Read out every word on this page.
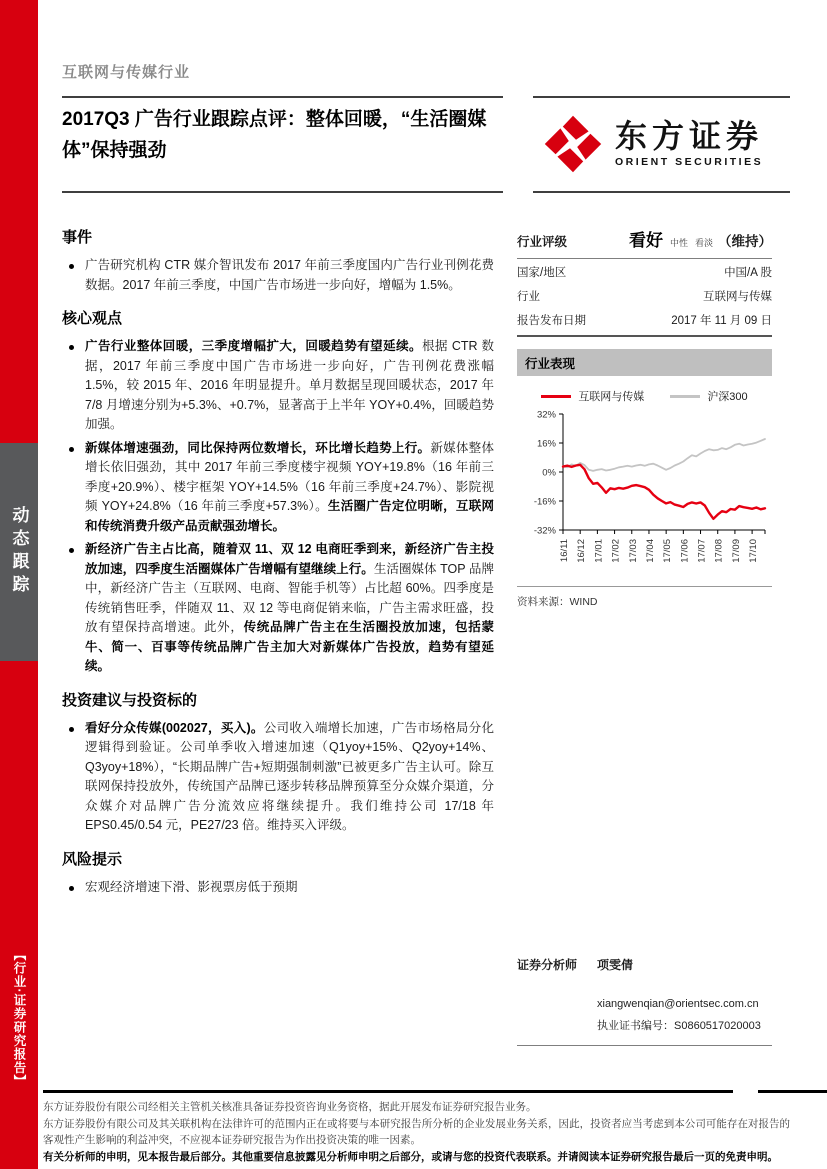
动态跟踪
【行业·证券研究报告】
互联网与传媒行业
2017Q3 广告行业跟踪点评：整体回暖，“生活圈媒体”保持强劲	东方证券
ORIENT SECURITIES
事件
广告研究机构 CTR 媒介智讯发布 2017 年前三季度国内广告行业刊例花费数据。2017 年前三季度，中国广告市场进一步向好，增幅为 1.5%。
核心观点
广告行业整体回暖，三季度增幅扩大，回暖趋势有望延续。根据 CTR 数据，2017 年前三季度中国广告市场进一步向好，广告刊例花费涨幅 1.5%，较 2015 年、2016 年明显提升。单月数据呈现回暖状态，2017 年 7/8 月增速分别为+5.3%、+0.7%，显著高于上半年 YOY+0.4%，回暖趋势加强。
新媒体增速强劲，同比保持两位数增长，环比增长趋势上行。新媒体整体增长依旧强劲，其中 2017 年前三季度楼宇视频 YOY+19.8%（16 年前三季度+20.9%）、楼宇框架 YOY+14.5%（16 年前三季度+24.7%）、影院视频 YOY+24.8%（16 年前三季度+57.3%）。生活圈广告定位明晰，互联网和传统消费升级产品贡献强劲增长。
新经济广告主占比高，随着双 11、双 12 电商旺季到来，新经济广告主投放加速，四季度生活圈媒体广告增幅有望继续上行。生活圈媒体 TOP 品牌中，新经济广告主（互联网、电商、智能手机等）占比超 60%。四季度是传统销售旺季，伴随双 11、双 12 等电商促销来临，广告主需求旺盛，投放有望保持高增速。此外，传统品牌广告主在生活圈投放加速，包括蒙牛、简一、百事等传统品牌广告主加大对新媒体广告投放，趋势有望延续。
投资建议与投资标的
看好分众传媒(002027，买入)。公司收入端增长加速，广告市场格局分化逻辑得到验证。公司单季收入增速加速（Q1yoy+15%、Q2yoy+14%、Q3yoy+18%），“长期品牌广告+短期强制刺激”已被更多广告主认可。除互联网保持投放外，传统国产品牌已逐步转移品牌预算至分众媒介渠道，分众媒介对品牌广告分流效应将继续提升。我们维持公司 17/18 年 EPS0.45/0.54 元，PE27/23 倍。维持买入评级。
风险提示
宏观经济增速下滑、影视票房低于预期
行业评级	看好 中性 看淡 （维持）
国家/地区	中国/A 股
行业	互联网与传媒
报告发布日期	2017 年 11 月 09 日
行业表现
互联网与传媒	沪深300
32%
16%
0%
-16%
-32%
16/11 16/12 17/01 17/02 17/03 17/04 17/05 17/06 17/07 17/08 17/09 17/10
资料来源：WIND
证券分析师	项雯倩
xiangwenqian@orientsec.com.cn
执业证书编号：S0860517020003

东方证券股份有限公司经相关主管机关核准具备证券投资咨询业务资格，据此开展发布证券研究报告业务。

东方证券股份有限公司及其关联机构在法律许可的范围内正在或将要与本研究报告所分析的企业发展业务关系，因此，投资者应当考虑到本公司可能存在对报告的客观性产生影响的利益冲突，不应视本证券研究报告为作出投资决策的唯一因素。

有关分析师的申明，见本报告最后部分。其他重要信息披露见分析师申明之后部分，或请与您的投资代表联系。并请阅读本证券研究报告最后一页的免责申明。
